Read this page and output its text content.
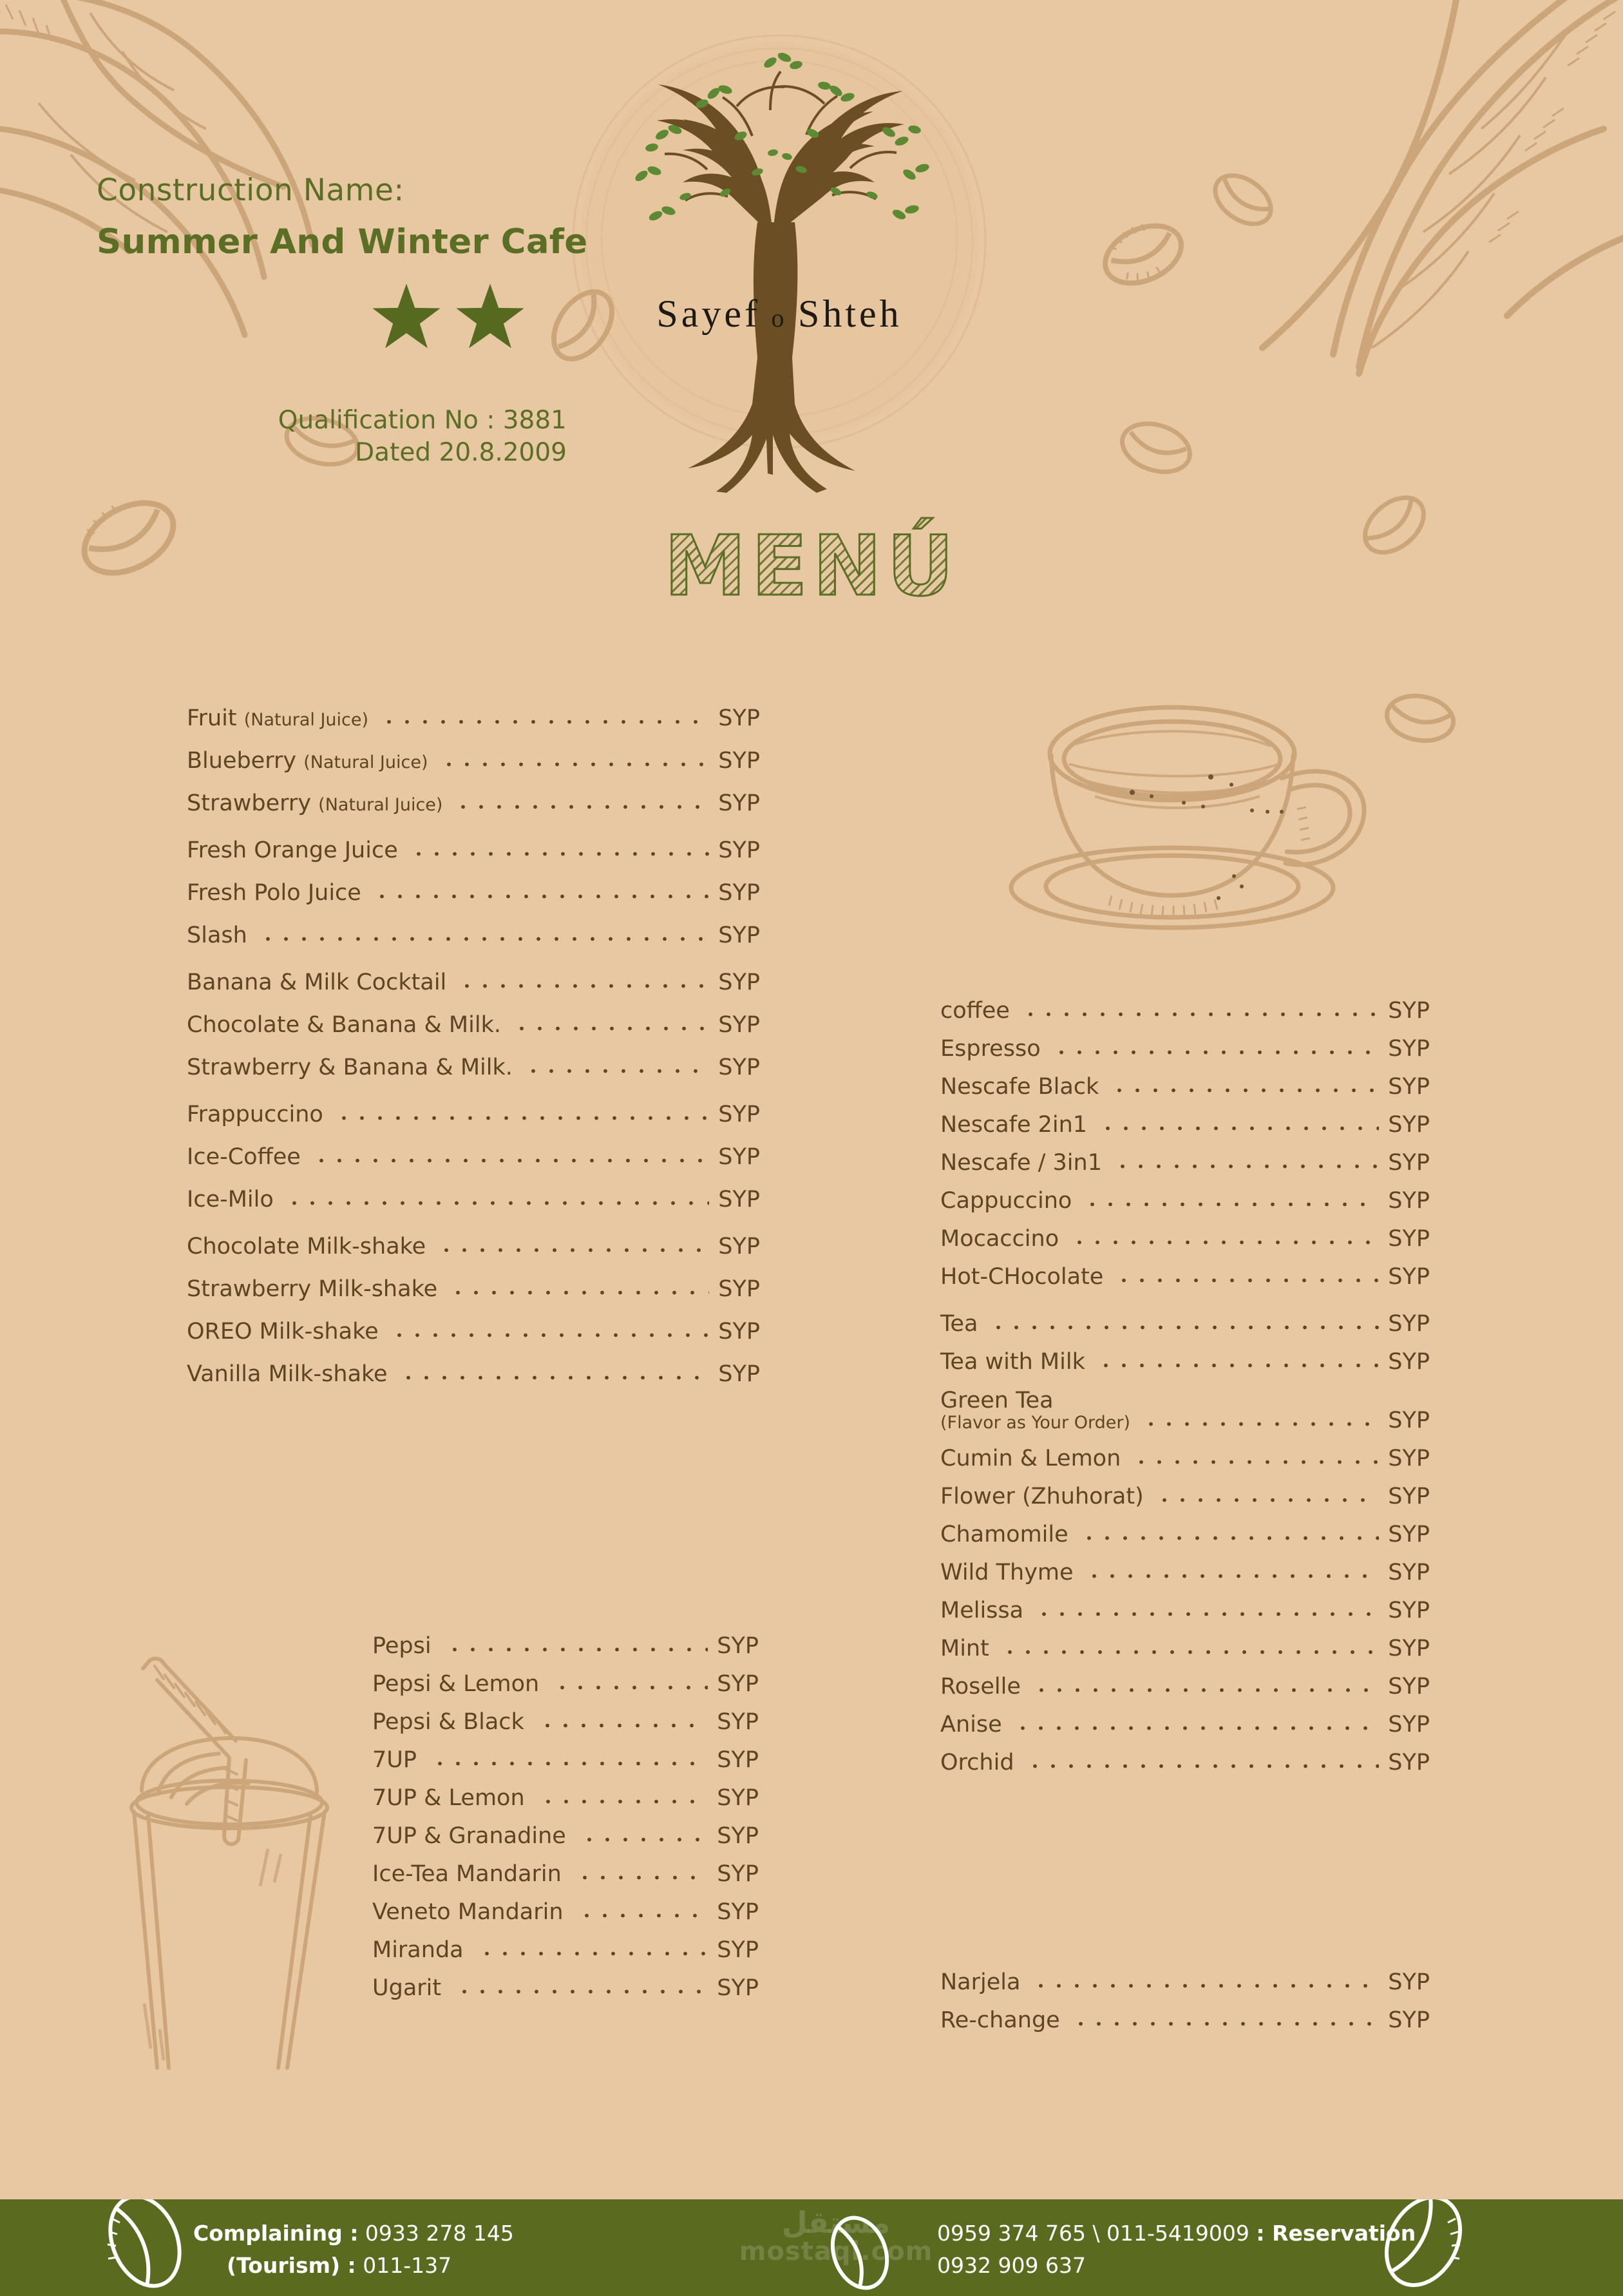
Construction Name:
Summer And Winter Cafe
Qualification No : 3881
Dated 20.8.2009
Sayef o Shteh
MENÚ
Fruit (Natural Juice)	SYP
Blueberry (Natural Juice)	SYP
Strawberry (Natural Juice)	SYP
Fresh Orange Juice	SYP
Fresh Polo Juice	SYP
Slash	SYP
Banana & Milk Cocktail	SYP
Chocolate & Banana & Milk.	SYP
Strawberry & Banana & Milk.	SYP
Frappuccino	SYP
Ice-Coffee	SYP
Ice-Milo	SYP
Chocolate Milk-shake	SYP
Strawberry Milk-shake	SYP
OREO Milk-shake	SYP
Vanilla Milk-shake	SYP
Pepsi	SYP
Pepsi & Lemon	SYP
Pepsi & Black	SYP
7UP	SYP
7UP & Lemon	SYP
7UP & Granadine	SYP
Ice-Tea Mandarin	SYP
Veneto Mandarin	SYP
Miranda	SYP
Ugarit	SYP
coffee	SYP
Espresso	SYP
Nescafe Black	SYP
Nescafe 2in1	SYP
Nescafe / 3in1	SYP
Cappuccino	SYP
Mocaccino	SYP
Hot-CHocolate	SYP
Tea	SYP
Tea with Milk	SYP
Green Tea
(Flavor as Your Order)	SYP
Cumin & Lemon	SYP
Flower (Zhuhorat)	SYP
Chamomile	SYP
Wild Thyme	SYP
Melissa	SYP
Mint	SYP
Roselle	SYP
Anise	SYP
Orchid	SYP
Narjela	SYP
Re-change	SYP
Complaining : 0933 278 145
(Tourism) : 011-137
مستقل
mostaql.com
0959 374 765 \ 011-5419009 : Reservation
0932 909 637
